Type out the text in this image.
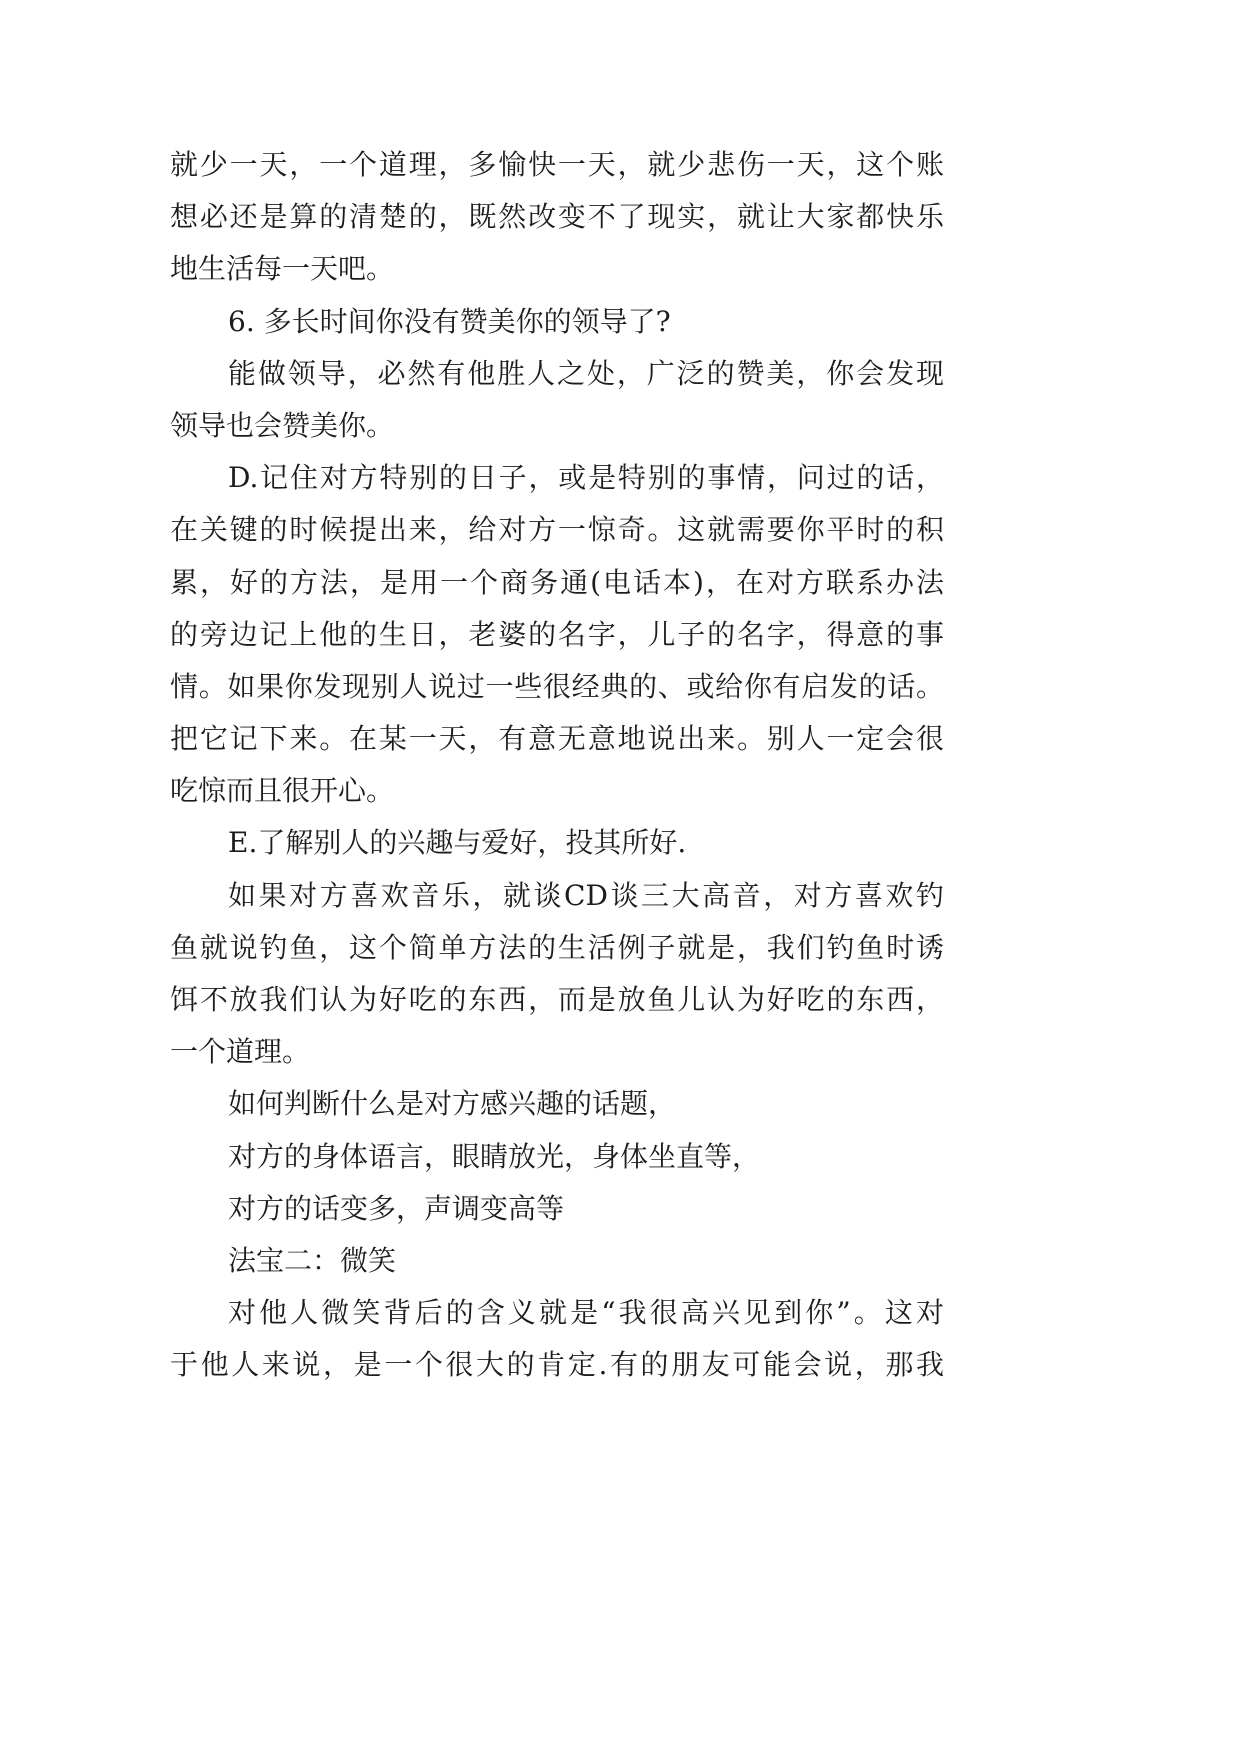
就少一天，一个道理，多愉快一天，就少悲伤一天，这个账
想必还是算的清楚的，既然改变不了现实，就让大家都快乐
地生活每一天吧。
6. 多长时间你没有赞美你的领导了?
能做领导，必然有他胜人之处，广泛的赞美，你会发现
领导也会赞美你。
D.记住对方特别的日子，或是特别的事情，问过的话，
在关键的时候提出来，给对方一惊奇。这就需要你平时的积
累，好的方法，是用一个商务通(电话本)，在对方联系办法
的旁边记上他的生日，老婆的名字，儿子的名字，得意的事
情。如果你发现别人说过一些很经典的、或给你有启发的话。
把它记下来。在某一天，有意无意地说出来。别人一定会很
吃惊而且很开心。
E.了解别人的兴趣与爱好，投其所好.
如果对方喜欢音乐，就谈CD谈三大高音，对方喜欢钓
鱼就说钓鱼，这个简单方法的生活例子就是，我们钓鱼时诱
饵不放我们认为好吃的东西，而是放鱼儿认为好吃的东西，
一个道理。
如何判断什么是对方感兴趣的话题，
对方的身体语言，眼睛放光，身体坐直等，
对方的话变多，声调变高等
法宝二：微笑
对他人微笑背后的含义就是“我很高兴见到你”。这对
于他人来说，是一个很大的肯定.有的朋友可能会说，那我
